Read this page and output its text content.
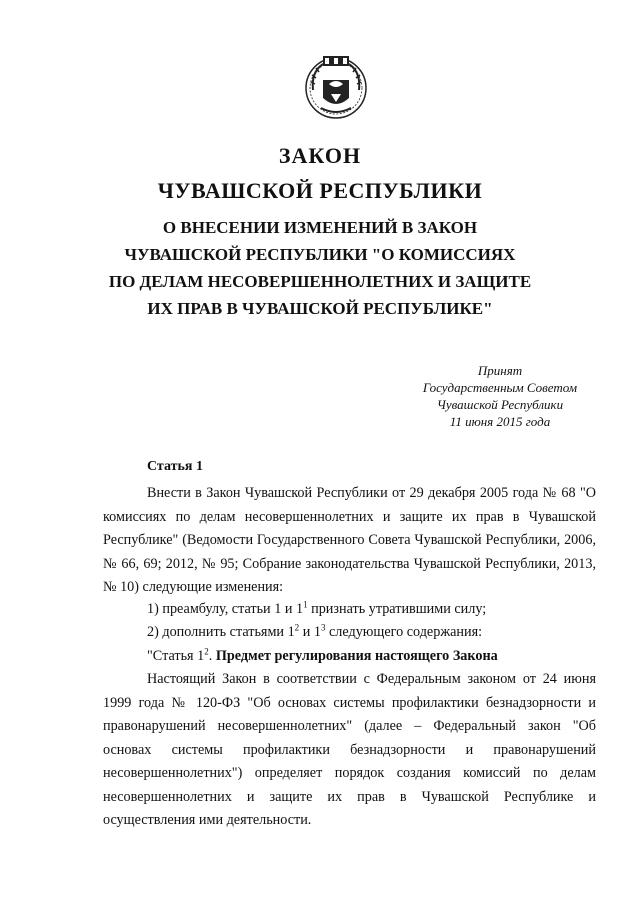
ЗАКОН
ЧУВАШСКОЙ РЕСПУБЛИКИ
О ВНЕСЕНИИ ИЗМЕНЕНИЙ В ЗАКОН
ЧУВАШСКОЙ РЕСПУБЛИКИ "О КОМИССИЯХ
ПО ДЕЛАМ НЕСОВЕРШЕННОЛЕТНИХ И ЗАЩИТЕ
ИХ ПРАВ В ЧУВАШСКОЙ РЕСПУБЛИКЕ"
Принят
Государственным Советом
Чувашской Республики
11 июня 2015 года
Статья 1
Внести в Закон Чувашской Республики от 29 декабря 2005 года № 68 "О комиссиях по делам несовершеннолетних и защите их прав в Чувашской Республике" (Ведомости Государственного Совета Чувашской Республики, 2006, № 66, 69; 2012, № 95; Собрание законодательства Чувашской Республики, 2013, № 10) следующие изменения:
1) преамбулу, статьи 1 и $1^1$ признать утратившими силу;
2) дополнить статьями $1^2$ и $1^3$ следующего содержания:
"Статья $1^2$. Предмет регулирования настоящего Закона
Настоящий Закон в соответствии с Федеральным законом от 24 июня 1999 года № 120-ФЗ "Об основах системы профилактики безнадзорности и правонарушений несовершеннолетних" (далее – Федеральный закон "Об основах системы профилактики безнадзорности и правонарушений несовершеннолетних") определяет порядок создания комиссий по делам несовершеннолетних и защите их прав в Чувашской Республике и осуществления ими деятельности.
